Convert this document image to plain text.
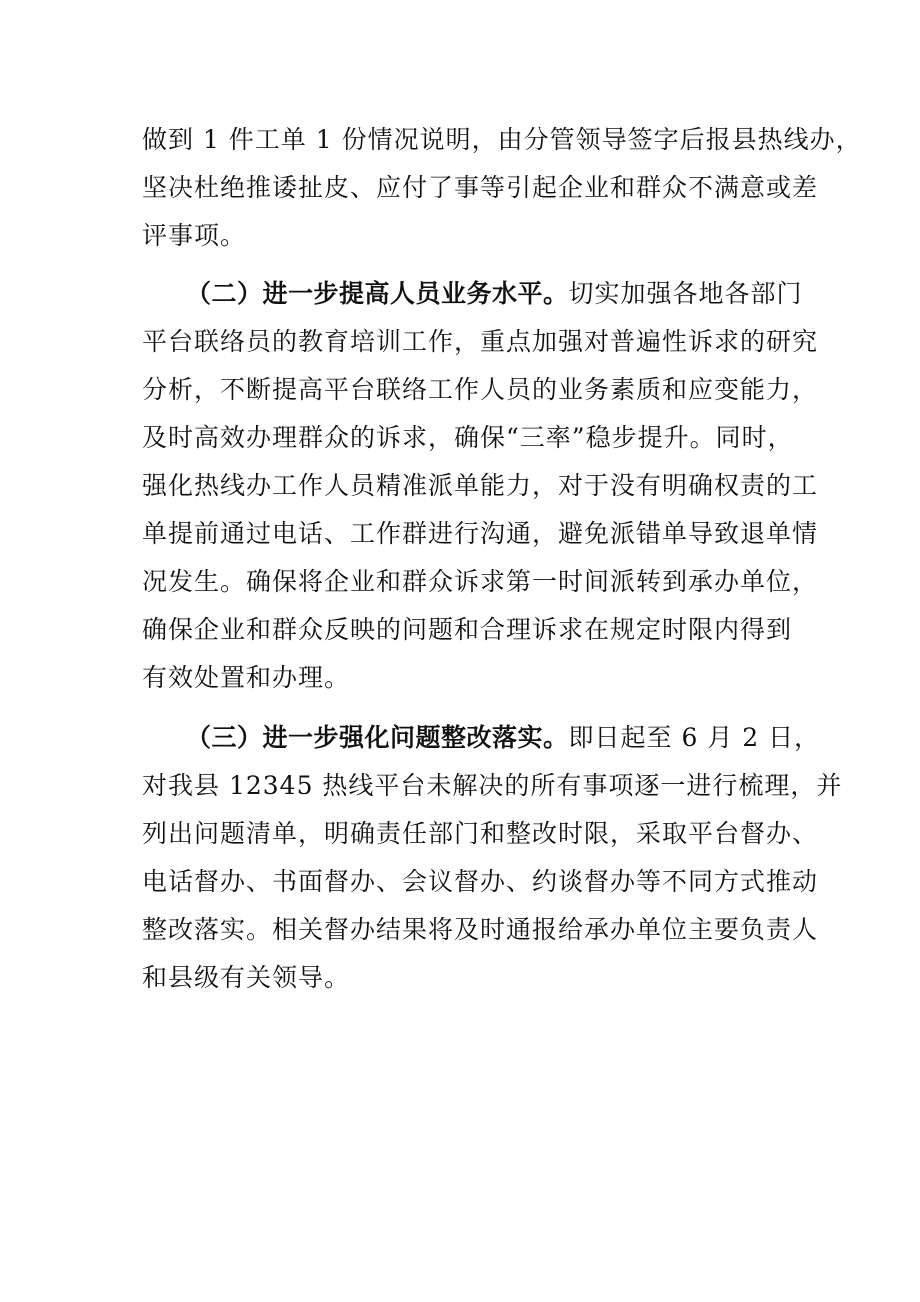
做到 1 件工单 1 份情况说明，由分管领导签字后报县热线办，
坚决杜绝推诿扯皮、应付了事等引起企业和群众不满意或差
评事项。
（二）进一步提高人员业务水平。切实加强各地各部门
平台联络员的教育培训工作，重点加强对普遍性诉求的研究
分析，不断提高平台联络工作人员的业务素质和应变能力，
及时高效办理群众的诉求，确保“三率”稳步提升。同时，
强化热线办工作人员精准派单能力，对于没有明确权责的工
单提前通过电话、工作群进行沟通，避免派错单导致退单情
况发生。确保将企业和群众诉求第一时间派转到承办单位，
确保企业和群众反映的问题和合理诉求在规定时限内得到
有效处置和办理。
（三）进一步强化问题整改落实。即日起至 6 月 2 日，
对我县 12345 热线平台未解决的所有事项逐一进行梳理，并
列出问题清单，明确责任部门和整改时限，采取平台督办、
电话督办、书面督办、会议督办、约谈督办等不同方式推动
整改落实。相关督办结果将及时通报给承办单位主要负责人
和县级有关领导。
